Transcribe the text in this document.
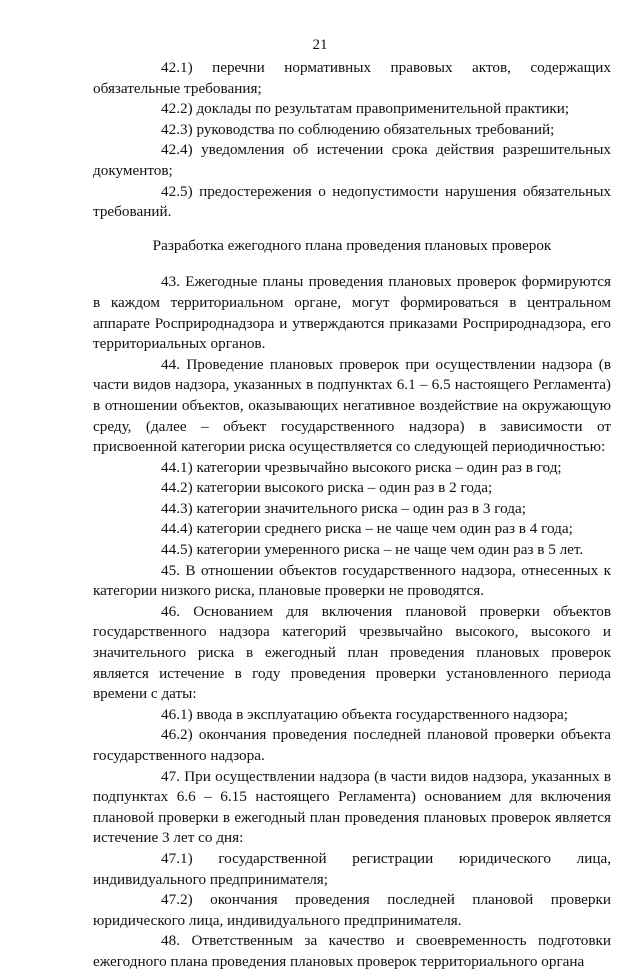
21

42.1) перечни нормативных правовых актов, содержащих обязательные требования;

42.2) доклады по результатам правоприменительной практики;

42.3) руководства по соблюдению обязательных требований;

42.4) уведомления об истечении срока действия разрешительных документов;

42.5) предостережения о недопустимости нарушения обязательных требований.

Разработка ежегодного плана проведения плановых проверок

43. Ежегодные планы проведения плановых проверок формируются в каждом территориальном органе, могут формироваться в центральном аппарате Росприроднадзора и утверждаются приказами Росприроднадзора, его территориальных органов.

44. Проведение плановых проверок при осуществлении надзора (в части видов надзора, указанных в подпунктах 6.1 – 6.5 настоящего Регламента) в отношении объектов, оказывающих негативное воздействие на окружающую среду, (далее – объект государственного надзора) в зависимости от присвоенной категории риска осуществляется со следующей периодичностью:

44.1) категории чрезвычайно высокого риска – один раз в год;

44.2) категории высокого риска – один раз в 2 года;

44.3) категории значительного риска – один раз в 3 года;

44.4) категории среднего риска – не чаще чем один раз в 4 года;

44.5) категории умеренного риска – не чаще чем один раз в 5 лет.

45. В отношении объектов государственного надзора, отнесенных к категории низкого риска, плановые проверки не проводятся.

46. Основанием для включения плановой проверки объектов государственного надзора категорий чрезвычайно высокого, высокого и значительного риска в ежегодный план проведения плановых проверок является истечение в году проведения проверки установленного периода времени с даты:

46.1) ввода в эксплуатацию объекта государственного надзора;

46.2) окончания проведения последней плановой проверки объекта государственного надзора.

47. При осуществлении надзора (в части видов надзора, указанных в подпунктах 6.6 – 6.15 настоящего Регламента) основанием для включения плановой проверки в ежегодный план проведения плановых проверок является истечение 3 лет со дня:

47.1) государственной регистрации юридического лица, индивидуального предпринимателя;

47.2) окончания проведения последней плановой проверки юридического лица, индивидуального предпринимателя.

48. Ответственным за качество и своевременность подготовки ежегодного плана проведения плановых проверок территориального органа
